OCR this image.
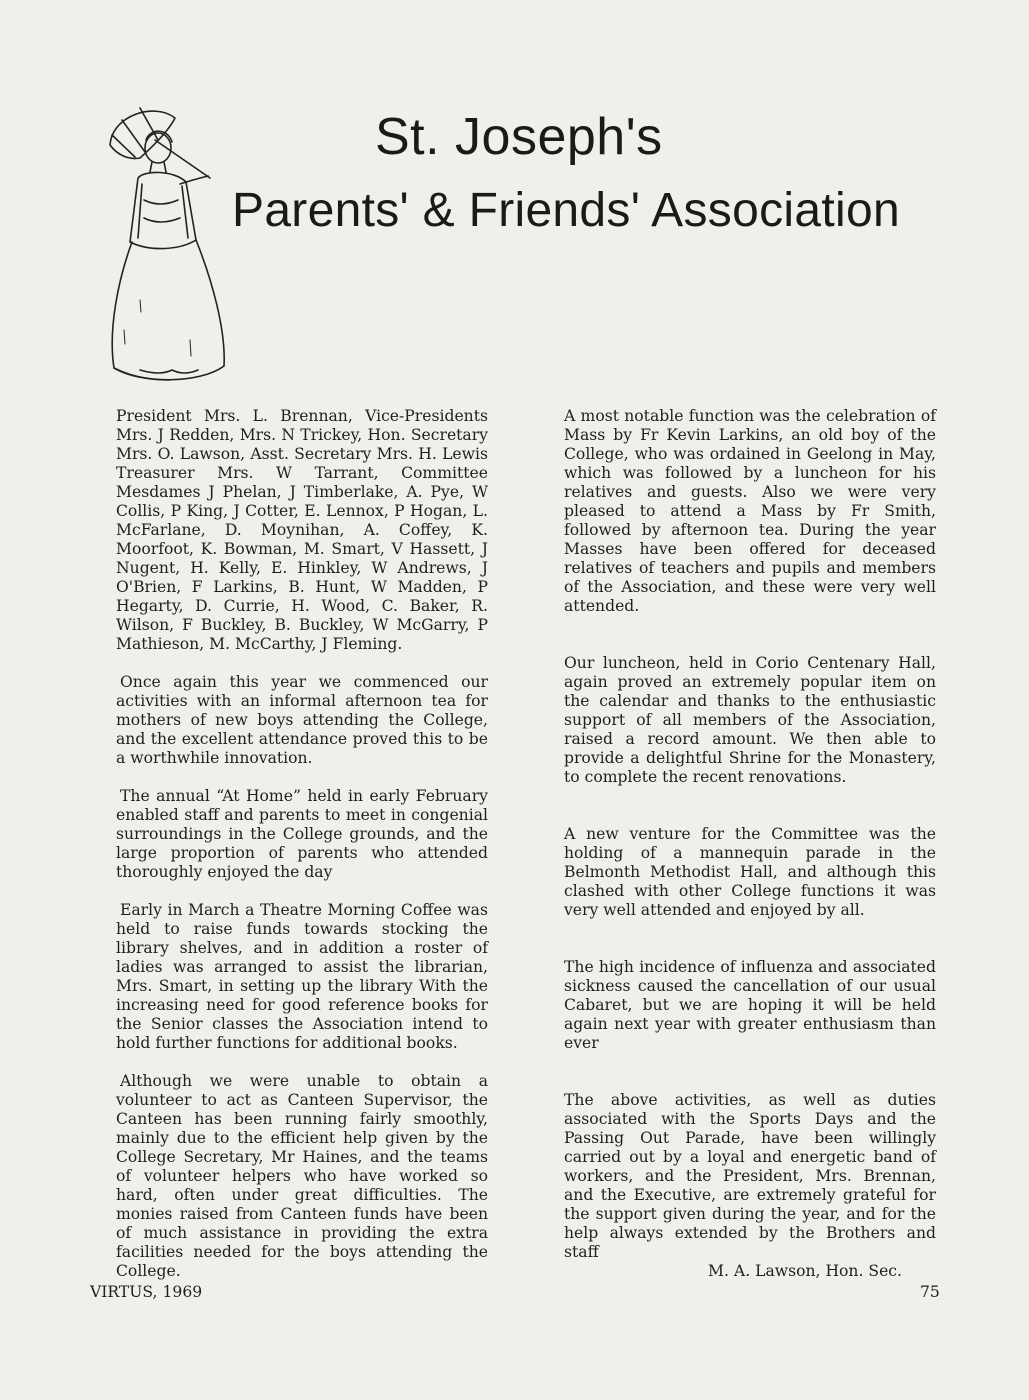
St. Joseph's
Parents' & Friends' Association

President Mrs. L. Brennan, Vice-Presidents Mrs. J Redden, Mrs. N Trickey, Hon. Secretary Mrs. O. Lawson, Asst. Secretary Mrs. H. Lewis Treasurer Mrs. W Tarrant, Committee Mesdames J Phelan, J Timberlake, A. Pye, W Collis, P King, J Cotter, E. Lennox, P Hogan, L. McFarlane, D. Moynihan, A. Coffey, K. Moorfoot, K. Bowman, M. Smart, V Hassett, J Nugent, H. Kelly, E. Hinkley, W Andrews, J O'Brien, F Larkins, B. Hunt, W Madden, P Hegarty, D. Currie, H. Wood, C. Baker, R. Wilson, F Buckley, B. Buckley, W McGarry, P Mathieson, M. McCarthy, J Fleming.

Once again this year we commenced our activities with an informal afternoon tea for mothers of new boys attending the College, and the excellent attendance proved this to be a worthwhile innovation.

The annual “At Home” held in early February enabled staff and parents to meet in congenial surroundings in the College grounds, and the large proportion of parents who attended thoroughly enjoyed the day

Early in March a Theatre Morning Coffee was held to raise funds towards stocking the library shelves, and in addition a roster of ladies was arranged to assist the librarian, Mrs. Smart, in setting up the library With the increasing need for good reference books for the Senior classes the Association intend to hold further functions for additional books.

Although we were unable to obtain a volunteer to act as Canteen Supervisor, the Canteen has been running fairly smoothly, mainly due to the efficient help given by the College Secretary, Mr Haines, and the teams of volunteer helpers who have worked so hard, often under great difficulties. The monies raised from Canteen funds have been of much assistance in providing the extra facilities needed for the boys attending the College.

A most notable function was the celebration of Mass by Fr Kevin Larkins, an old boy of the College, who was ordained in Geelong in May, which was followed by a luncheon for his relatives and guests. Also we were very pleased to attend a Mass by Fr Smith, followed by afternoon tea. During the year Masses have been offered for deceased relatives of teachers and pupils and members of the Association, and these were very well attended.

Our luncheon, held in Corio Centenary Hall, again proved an extremely popular item on the calendar and thanks to the enthusiastic support of all members of the Association, raised a record amount. We then able to provide a delightful Shrine for the Monastery, to complete the recent renovations.

A new venture for the Committee was the holding of a mannequin parade in the Belmonth Methodist Hall, and although this clashed with other College functions it was very well attended and enjoyed by all.

The high incidence of influenza and associated sickness caused the cancellation of our usual Cabaret, but we are hoping it will be held again next year with greater enthusiasm than ever

The above activities, as well as duties associated with the Sports Days and the Passing Out Parade, have been willingly carried out by a loyal and energetic band of workers, and the President, Mrs. Brennan, and the Executive, are extremely grateful for the support given during the year, and for the help always extended by the Brothers and staff

M. A. Lawson, Hon. Sec.

VIRTUS, 1969	75
